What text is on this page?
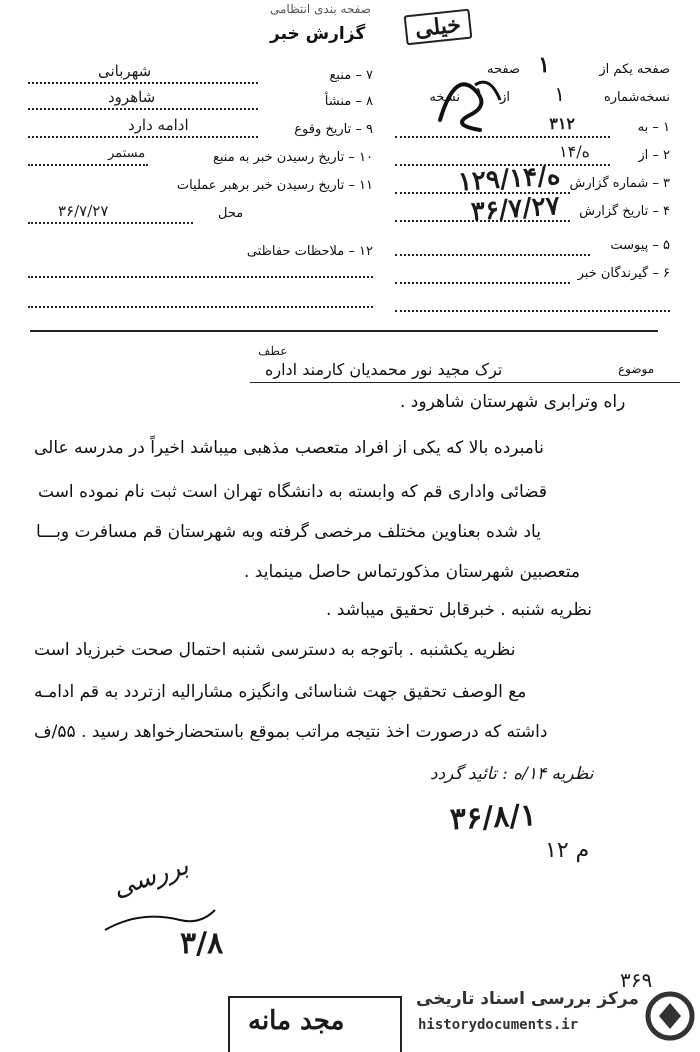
صفحه بندی انتظامی
گزارش خبر	خیلی
۷ – منبع
شهربانی
۸ – منشأ
شاهرود
۹ – تاریخ وقوع
ادامه دارد
۱۰ – تاریخ رسیدن خبر به منبع
مستمر
۱۱ – تاریخ رسیدن خبر برهبر عملیات
محل
۳۶/۷/۲۷
۱۲ – ملاحظات حفاظتی
صفحه یکم از
۱
صفحه
نسخه‌شماره
۱
از
۱
نسخه
۱ – به
۳۱۲
۲ – از
۱۴/ه
۳ – شماره گزارش
۱۲۹/۱۴/ه
۴ – تاریخ گزارش
۳۶/۷/۲۷
۵ – پیوست
۶ – گیرندگان خبر
عطف
موضوع
ترک مجید نور محمدیان کارمند اداره
راه وترابری شهرستان شاهرود .
نامبرده بالا که یکی از افراد متعصب مذهبی میباشد اخیراً در مدرسه عالی
قضائی واداری قم که وابسته به دانشگاه تهران است ثبت نام نموده است
یاد شده بعناوین مختلف مرخصی گرفته وبه شهرستان قم مسافرت وبـــا
متعصبین شهرستان مذکورتماس حاصل مینماید .
نظریه شنبه . خبرقابل تحقیق میباشد .
نظریه یکشنبه . باتوجه به دسترسی شنبه احتمال صحت خبرزیاد است
مع الوصف تحقیق جهت شناسائی وانگیزه مشارالیه ازتردد به قم ادامـه
داشته که درصورت اخذ نتیجه مراتب بموقع باستحضارخواهد رسید . ۵۵/ف
نظریه ۱۴/ه : تائید گردد
۳۶/۸/۱
۱۲ م
بررسی
۳/۸
مجد مانه
۳۶۹
مرکز بررسی اسناد تاریخی
historydocuments.ir
